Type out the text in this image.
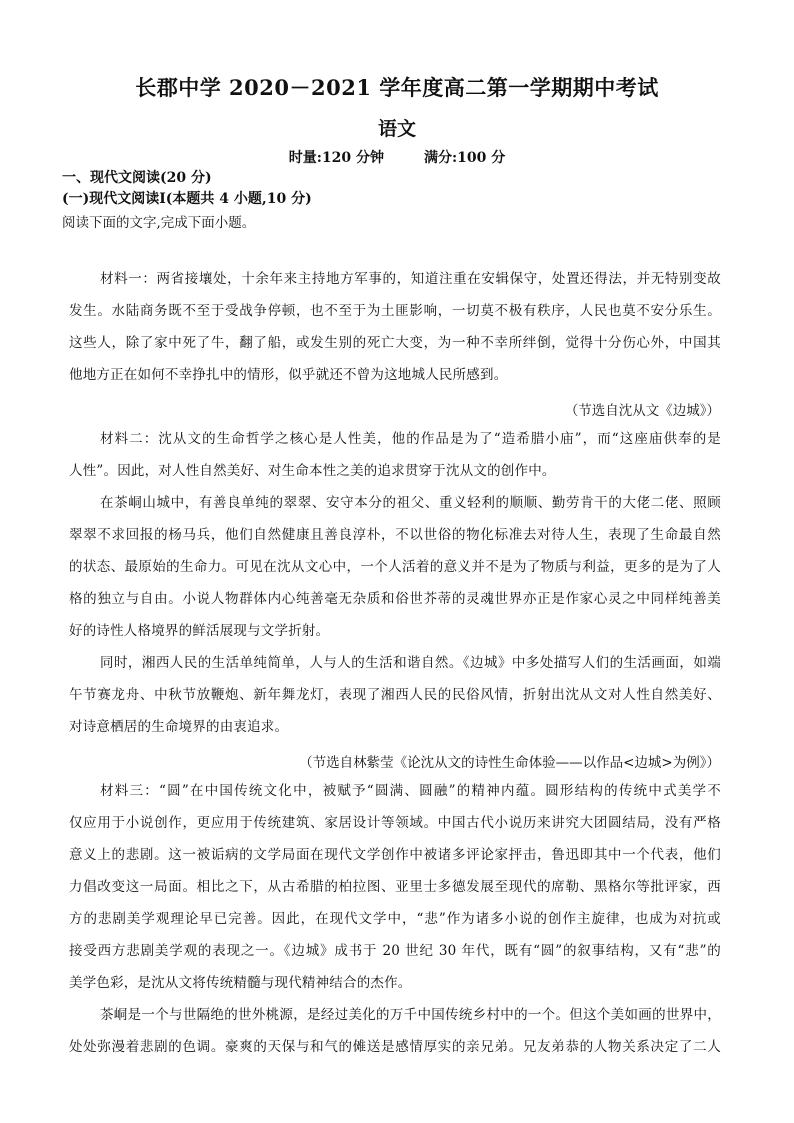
长郡中学 2020－2021 学年度高二第一学期期中考试
语文
时量:120 分钟	满分:100 分
一、现代文阅读(20 分)
(一)现代文阅读Ⅰ(本题共 4 小题,10 分)
阅读下面的文字,完成下面小题。
材料一：两省接壤处，十余年来主持地方军事的，知道注重在安辑保守，处置还得法，并无特别变故
发生。水陆商务既不至于受战争停顿，也不至于为土匪影响，一切莫不极有秩序，人民也莫不安分乐生。
这些人，除了家中死了牛，翻了船，或发生别的死亡大变，为一种不幸所绊倒，觉得十分伤心外，中国其
他地方正在如何不幸挣扎中的情形，似乎就还不曾为这地城人民所感到。
（节选自沈从文《边城》）
材料二：沈从文的生命哲学之核心是人性美，他的作品是为了“造希腊小庙”，而“这座庙供奉的是
人性”。因此，对人性自然美好、对生命本性之美的追求贯穿于沈从文的创作中。
在茶峒山城中，有善良单纯的翠翠、安守本分的祖父、重义轻利的顺顺、勤劳肯干的大佬二佬、照顾
翠翠不求回报的杨马兵，他们自然健康且善良淳朴，不以世俗的物化标准去对待人生，表现了生命最自然
的状态、最原始的生命力。可见在沈从文心中，一个人活着的意义并不是为了物质与利益，更多的是为了人
格的独立与自由。小说人物群体内心纯善毫无杂质和俗世芥蒂的灵魂世界亦正是作家心灵之中同样纯善美
好的诗性人格境界的鲜活展现与文学折射。
同时，湘西人民的生活单纯简单，人与人的生活和谐自然。《边城》中多处描写人们的生活画面，如端
午节赛龙舟、中秋节放鞭炮、新年舞龙灯，表现了湘西人民的民俗风情，折射出沈从文对人性自然美好、
对诗意栖居的生命境界的由衷追求。
（节选自林紫莹《论沈从文的诗性生命体验——以作品<边城>为例》）
材料三：“圆”在中国传统文化中，被赋予“圆满、圆融”的精神内蕴。圆形结构的传统中式美学不
仅应用于小说创作，更应用于传统建筑、家居设计等领域。中国古代小说历来讲究大团圆结局，没有严格
意义上的悲剧。这一被诟病的文学局面在现代文学创作中被诸多评论家抨击，鲁迅即其中一个代表，他们
力倡改变这一局面。相比之下，从古希腊的柏拉图、亚里士多德发展至现代的席勒、黑格尔等批评家，西
方的悲剧美学观理论早已完善。因此，在现代文学中，“悲”作为诸多小说的创作主旋律，也成为对抗或
接受西方悲剧美学观的表现之一。《边城》成书于 20 世纪 30 年代，既有“圆”的叙事结构，又有“悲”的
美学色彩，是沈从文将传统精髓与现代精神结合的杰作。
茶峒是一个与世隔绝的世外桃源，是经过美化的万千中国传统乡村中的一个。但这个美如画的世界中，
处处弥漫着悲剧的色调。豪爽的天保与和气的傩送是感情厚实的亲兄弟。兄友弟恭的人物关系决定了二人
